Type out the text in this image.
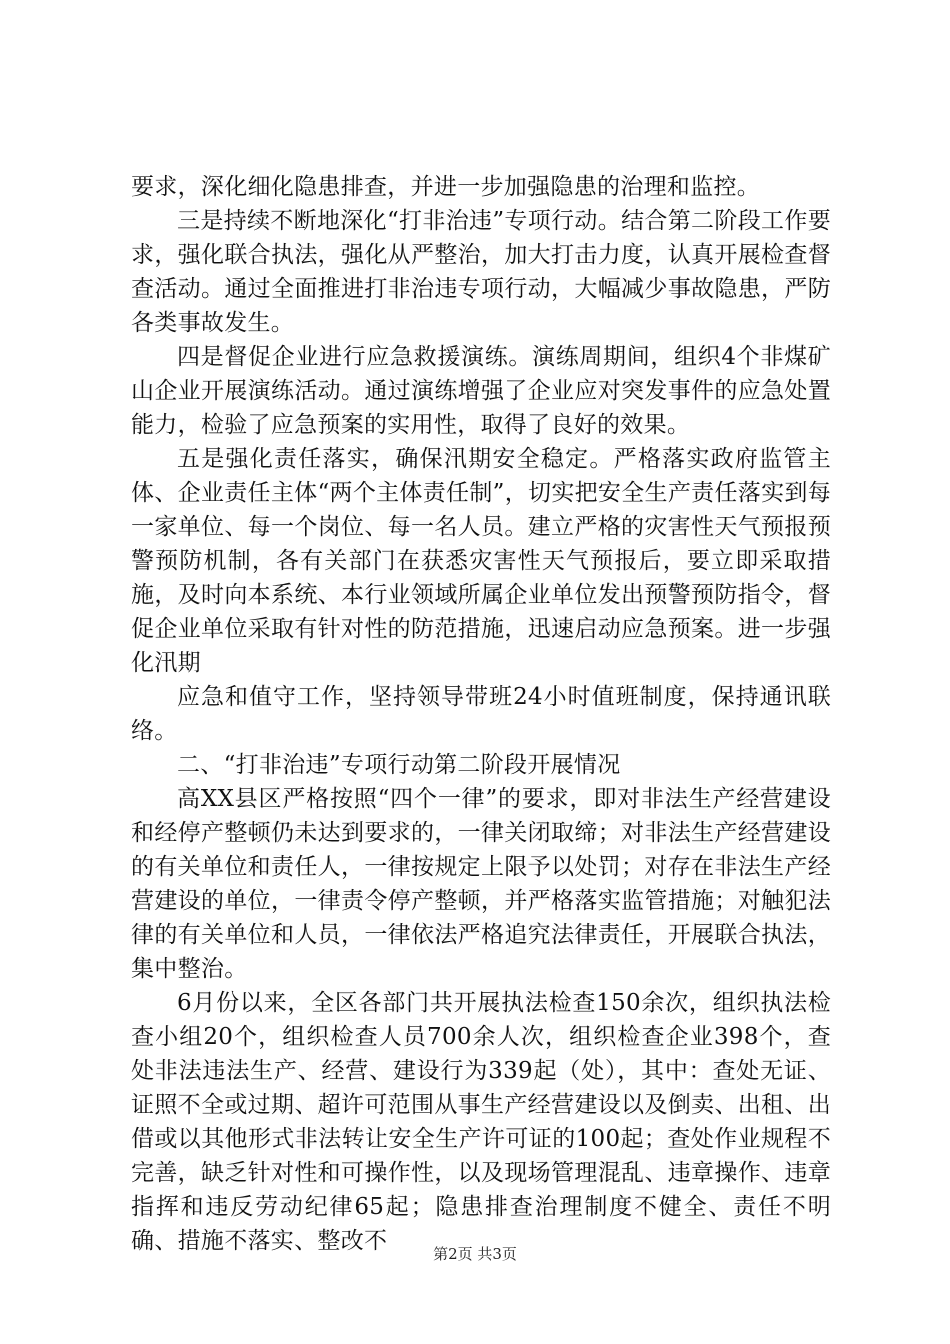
要求，深化细化隐患排查，并进一步加强隐患的治理和监控。

三是持续不断地深化“打非治违”专项行动。结合第二阶段工作要求，强化联合执法，强化从严整治，加大打击力度，认真开展检查督查活动。通过全面推进打非治违专项行动，大幅减少事故隐患，严防各类事故发生。

四是督促企业进行应急救援演练。演练周期间，组织4个非煤矿山企业开展演练活动。通过演练增强了企业应对突发事件的应急处置能力，检验了应急预案的实用性，取得了良好的效果。

五是强化责任落实，确保汛期安全稳定。严格落实政府监管主体、企业责任主体“两个主体责任制”，切实把安全生产责任落实到每一家单位、每一个岗位、每一名人员。建立严格的灾害性天气预报预警预防机制，各有关部门在获悉灾害性天气预报后，要立即采取措施，及时向本系统、本行业领域所属企业单位发出预警预防指令，督促企业单位采取有针对性的防范措施，迅速启动应急预案。进一步强化汛期

应急和值守工作，坚持领导带班24小时值班制度，保持通讯联络。

二、“打非治违”专项行动第二阶段开展情况

高XX县区严格按照“四个一律”的要求，即对非法生产经营建设和经停产整顿仍未达到要求的，一律关闭取缔；对非法生产经营建设的有关单位和责任人，一律按规定上限予以处罚；对存在非法生产经营建设的单位，一律责令停产整顿，并严格落实监管措施；对触犯法律的有关单位和人员，一律依法严格追究法律责任，开展联合执法，集中整治。

6月份以来，全区各部门共开展执法检查150余次，组织执法检查小组20个，组织检查人员700余人次，组织检查企业398个，查处非法违法生产、经营、建设行为339起（处），其中：查处无证、证照不全或过期、超许可范围从事生产经营建设以及倒卖、出租、出借或以其他形式非法转让安全生产许可证的100起；查处作业规程不完善，缺乏针对性和可操作性，以及现场管理混乱、违章操作、违章指挥和违反劳动纪律65起；隐患排查治理制度不健全、责任不明确、措施不落实、整改不	第2页 共3页
